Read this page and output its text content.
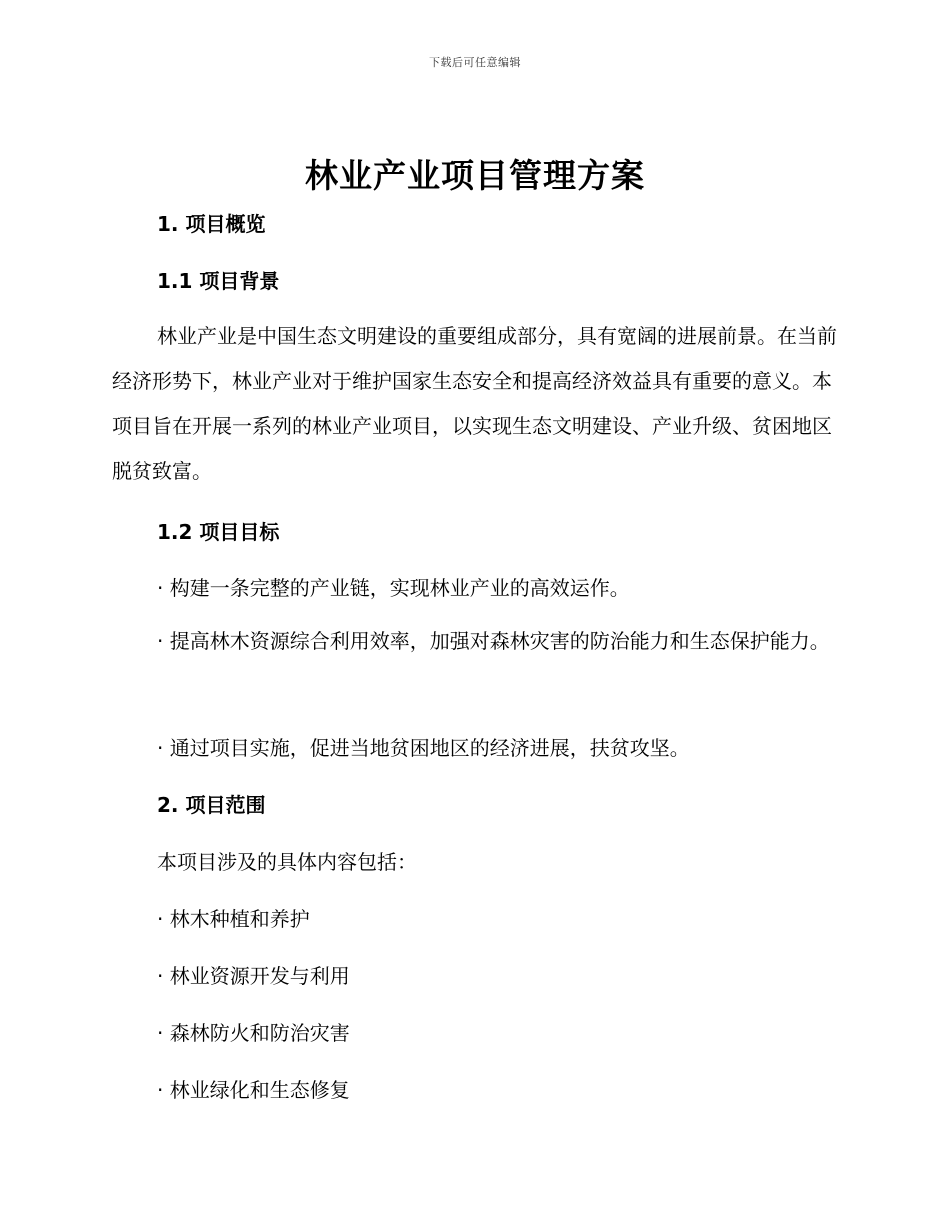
下载后可任意编辑
林业产业项目管理方案
1. 项目概览
1.1 项目背景
林业产业是中国生态文明建设的重要组成部分，具有宽阔的进展前景。在当前经济形势下，林业产业对于维护国家生态安全和提高经济效益具有重要的意义。本项目旨在开展一系列的林业产业项目，以实现生态文明建设、产业升级、贫困地区脱贫致富。
1.2 项目目标
· 构建一条完整的产业链，实现林业产业的高效运作。
· 提高林木资源综合利用效率，加强对森林灾害的防治能力和生态保护能力。
· 通过项目实施，促进当地贫困地区的经济进展，扶贫攻坚。
2. 项目范围
本项目涉及的具体内容包括：
· 林木种植和养护
· 林业资源开发与利用
· 森林防火和防治灾害
· 林业绿化和生态修复
